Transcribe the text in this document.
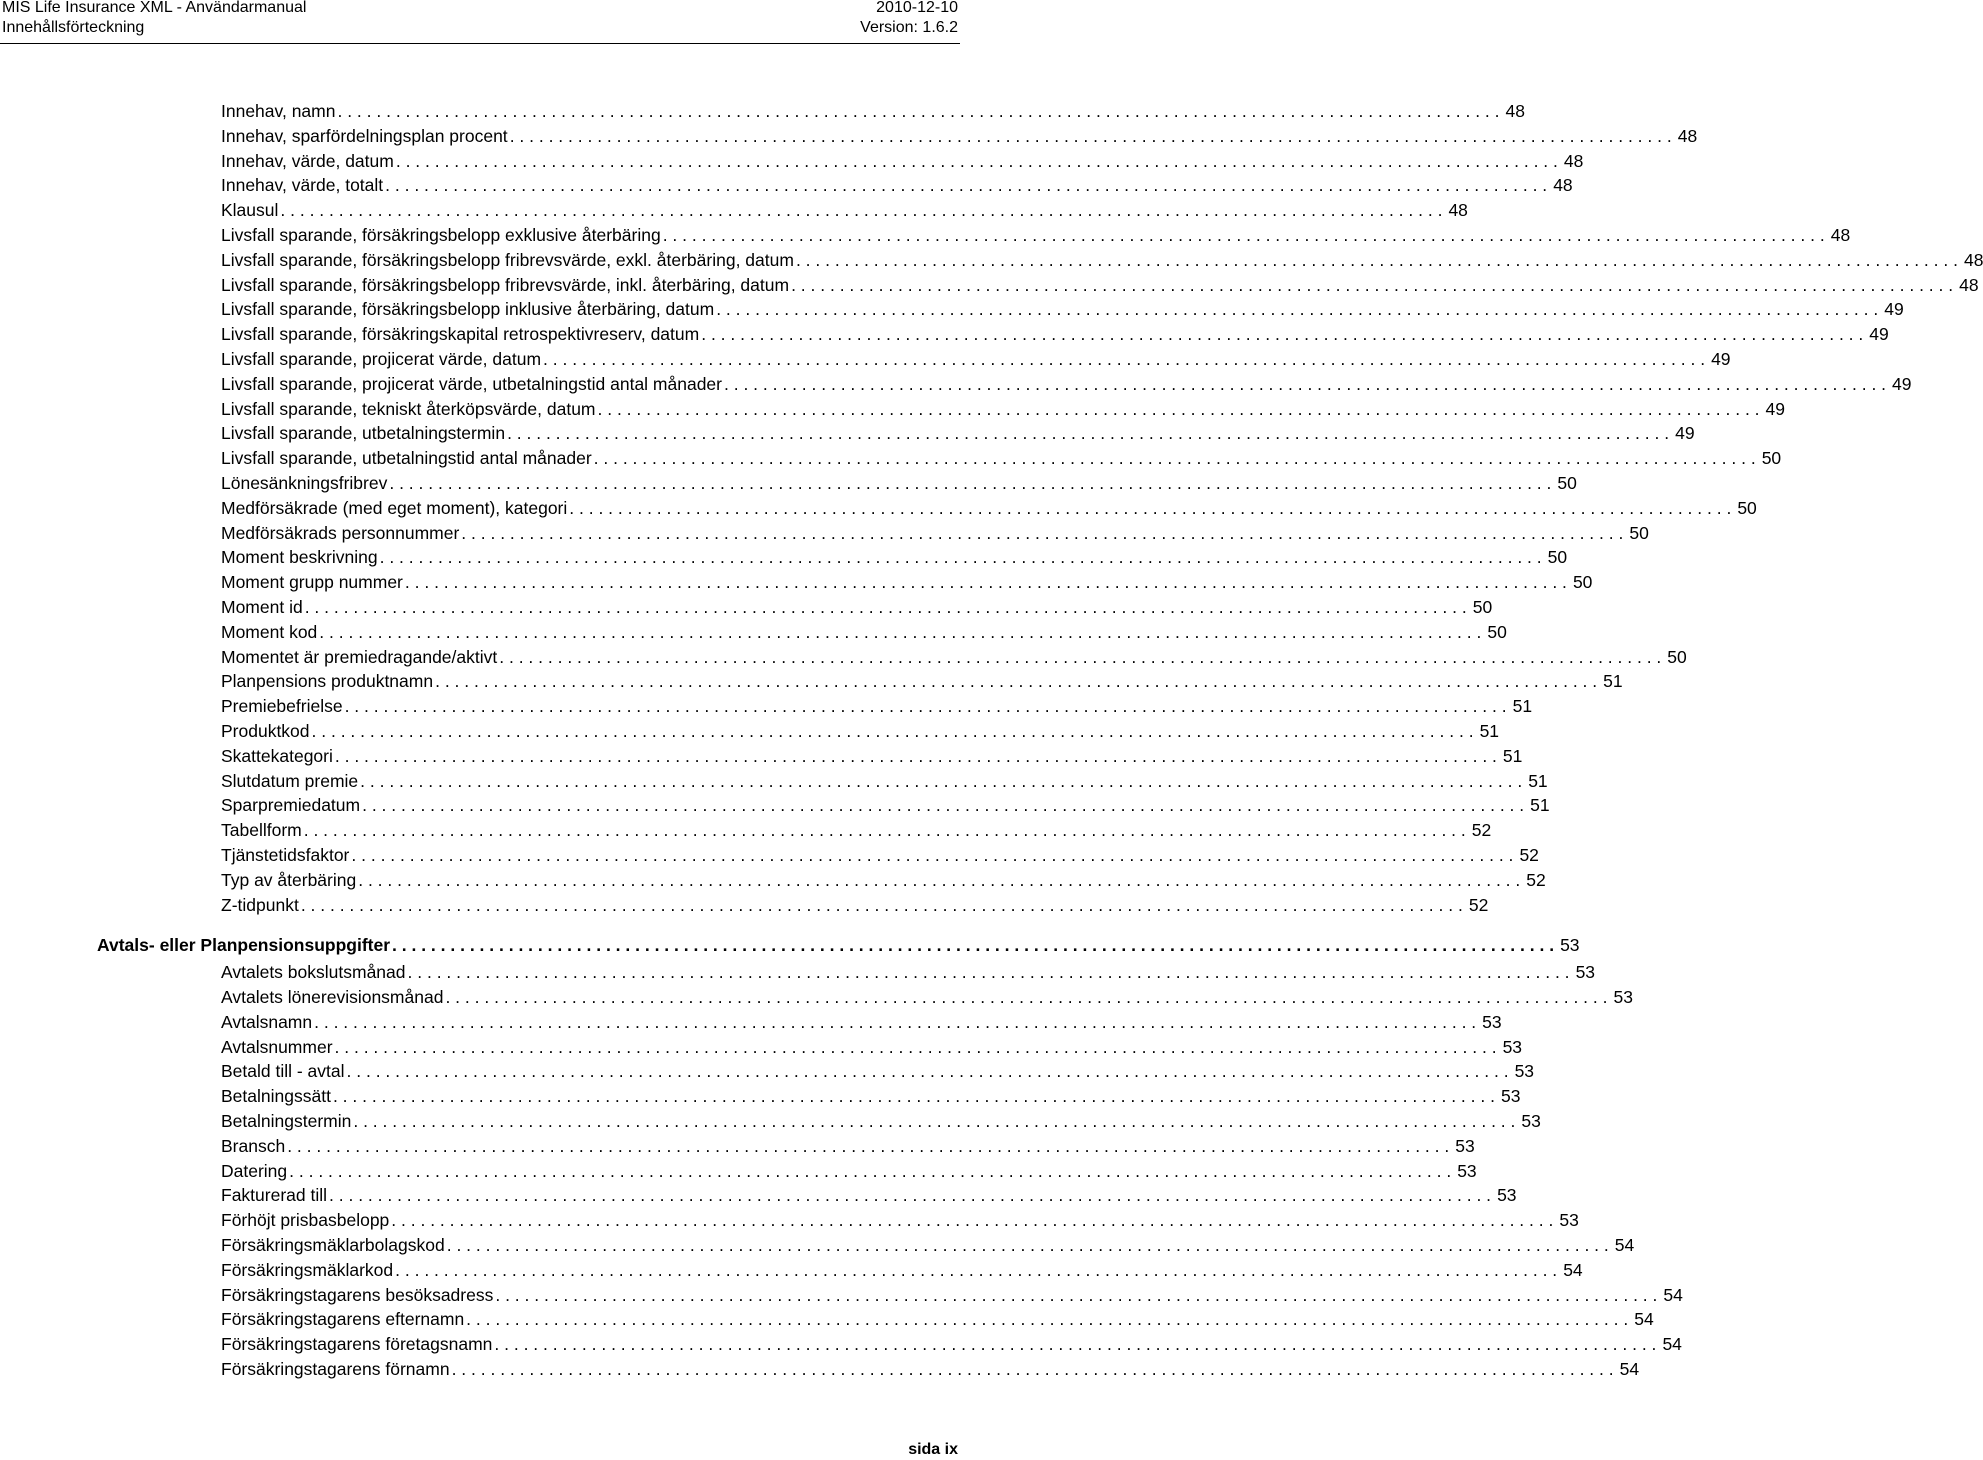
MIS Life Insurance XML - Användarmanual
Innehållsförteckning
2010-12-10
Version: 1.6.2
Innehav, namn . . . . . . . . . . . . . . . . . . . . . . . . . . . . . . . . . . . . . . . . . . . . . . . . . . . . . . . . . . . . . . . . . . . . . . . . . . . . . . . . . . . . . . . . . . . . . . . . . . . . . . . . . . . . . . . . . . . . . . . . 48
Innehav, sparfördelningsplan procent . . . . . . . . . . . . . . . . . . . . . . . . . . . . . . . . . . . . . . . . . . . . . . . . . . . . . . . . . . . . . . . . . . . . . . . . . . . . . . . . . . . . . . . . . . . . . . . . . . . . . . . . . . . . . . . . . . . . . . . . 48
Innehav, värde, datum . . . . . . . . . . . . . . . . . . . . . . . . . . . . . . . . . . . . . . . . . . . . . . . . . . . . . . . . . . . . . . . . . . . . . . . . . . . . . . . . . . . . . . . . . . . . . . . . . . . . . . . . . . . . . . . . . . . . . . . . 48
Innehav, värde, totalt . . . . . . . . . . . . . . . . . . . . . . . . . . . . . . . . . . . . . . . . . . . . . . . . . . . . . . . . . . . . . . . . . . . . . . . . . . . . . . . . . . . . . . . . . . . . . . . . . . . . . . . . . . . . . . . . . . . . . . . . 48
Klausul . . . . . . . . . . . . . . . . . . . . . . . . . . . . . . . . . . . . . . . . . . . . . . . . . . . . . . . . . . . . . . . . . . . . . . . . . . . . . . . . . . . . . . . . . . . . . . . . . . . . . . . . . . . . . . . . . . . . . . . . 48
Livsfall sparande, försäkringsbelopp exklusive återbäring . . . . . . . . . . . . . . . . . . . . . . . . . . . . . . . . . . . . . . . . . . . . . . . . . . . . . . . . . . . . . . . . . . . . . . . . . . . . . . . . . . . . . . . . . . . . . . . . . . . . . . . . . . . . . . . . . . . . . . . . 48
Livsfall sparande, försäkringsbelopp fribrevsvärde, exkl. återbäring, datum . . . . . . . . . . . . . . . . . . . . . . . . . . . . . . . . . . . . . . . . . . . . . . . . . . . . . . . . . . . . . . . . . . . . . . . . . . . . . . . . . . . . . . . . . . . . . . . . . . . . . . . . . . . . . . . . . . . . . . . . 48
Livsfall sparande, försäkringsbelopp fribrevsvärde, inkl. återbäring, datum . . . . . . . . . . . . . . . . . . . . . . . . . . . . . . . . . . . . . . . . . . . . . . . . . . . . . . . . . . . . . . . . . . . . . . . . . . . . . . . . . . . . . . . . . . . . . . . . . . . . . . . . . . . . . . . . . . . . . . . . 48
Livsfall sparande, försäkringsbelopp inklusive återbäring, datum . . . . . . . . . . . . . . . . . . . . . . . . . . . . . . . . . . . . . . . . . . . . . . . . . . . . . . . . . . . . . . . . . . . . . . . . . . . . . . . . . . . . . . . . . . . . . . . . . . . . . . . . . . . . . . . . . . . . . . . . 49
Livsfall sparande, försäkringskapital retrospektivreserv, datum . . . . . . . . . . . . . . . . . . . . . . . . . . . . . . . . . . . . . . . . . . . . . . . . . . . . . . . . . . . . . . . . . . . . . . . . . . . . . . . . . . . . . . . . . . . . . . . . . . . . . . . . . . . . . . . . . . . . . . . . 49
Livsfall sparande, projicerat värde, datum . . . . . . . . . . . . . . . . . . . . . . . . . . . . . . . . . . . . . . . . . . . . . . . . . . . . . . . . . . . . . . . . . . . . . . . . . . . . . . . . . . . . . . . . . . . . . . . . . . . . . . . . . . . . . . . . . . . . . . . . 49
Livsfall sparande, projicerat värde, utbetalningstid antal månader . . . . . . . . . . . . . . . . . . . . . . . . . . . . . . . . . . . . . . . . . . . . . . . . . . . . . . . . . . . . . . . . . . . . . . . . . . . . . . . . . . . . . . . . . . . . . . . . . . . . . . . . . . . . . . . . . . . . . . . . 49
Livsfall sparande, tekniskt återköpsvärde, datum . . . . . . . . . . . . . . . . . . . . . . . . . . . . . . . . . . . . . . . . . . . . . . . . . . . . . . . . . . . . . . . . . . . . . . . . . . . . . . . . . . . . . . . . . . . . . . . . . . . . . . . . . . . . . . . . . . . . . . . . 49
Livsfall sparande, utbetalningstermin . . . . . . . . . . . . . . . . . . . . . . . . . . . . . . . . . . . . . . . . . . . . . . . . . . . . . . . . . . . . . . . . . . . . . . . . . . . . . . . . . . . . . . . . . . . . . . . . . . . . . . . . . . . . . . . . . . . . . . . . 49
Livsfall sparande, utbetalningstid antal månader . . . . . . . . . . . . . . . . . . . . . . . . . . . . . . . . . . . . . . . . . . . . . . . . . . . . . . . . . . . . . . . . . . . . . . . . . . . . . . . . . . . . . . . . . . . . . . . . . . . . . . . . . . . . . . . . . . . . . . . . 50
Lönesänkningsfribrev . . . . . . . . . . . . . . . . . . . . . . . . . . . . . . . . . . . . . . . . . . . . . . . . . . . . . . . . . . . . . . . . . . . . . . . . . . . . . . . . . . . . . . . . . . . . . . . . . . . . . . . . . . . . . . . . . . . . . . . . 50
Medförsäkrade (med eget moment), kategori . . . . . . . . . . . . . . . . . . . . . . . . . . . . . . . . . . . . . . . . . . . . . . . . . . . . . . . . . . . . . . . . . . . . . . . . . . . . . . . . . . . . . . . . . . . . . . . . . . . . . . . . . . . . . . . . . . . . . . . . 50
Medförsäkrads personnummer . . . . . . . . . . . . . . . . . . . . . . . . . . . . . . . . . . . . . . . . . . . . . . . . . . . . . . . . . . . . . . . . . . . . . . . . . . . . . . . . . . . . . . . . . . . . . . . . . . . . . . . . . . . . . . . . . . . . . . . . 50
Moment beskrivning . . . . . . . . . . . . . . . . . . . . . . . . . . . . . . . . . . . . . . . . . . . . . . . . . . . . . . . . . . . . . . . . . . . . . . . . . . . . . . . . . . . . . . . . . . . . . . . . . . . . . . . . . . . . . . . . . . . . . . . . 50
Moment grupp nummer . . . . . . . . . . . . . . . . . . . . . . . . . . . . . . . . . . . . . . . . . . . . . . . . . . . . . . . . . . . . . . . . . . . . . . . . . . . . . . . . . . . . . . . . . . . . . . . . . . . . . . . . . . . . . . . . . . . . . . . . 50
Moment id . . . . . . . . . . . . . . . . . . . . . . . . . . . . . . . . . . . . . . . . . . . . . . . . . . . . . . . . . . . . . . . . . . . . . . . . . . . . . . . . . . . . . . . . . . . . . . . . . . . . . . . . . . . . . . . . . . . . . . . . 50
Moment kod . . . . . . . . . . . . . . . . . . . . . . . . . . . . . . . . . . . . . . . . . . . . . . . . . . . . . . . . . . . . . . . . . . . . . . . . . . . . . . . . . . . . . . . . . . . . . . . . . . . . . . . . . . . . . . . . . . . . . . . . 50
Momentet är premiedragande/aktivt . . . . . . . . . . . . . . . . . . . . . . . . . . . . . . . . . . . . . . . . . . . . . . . . . . . . . . . . . . . . . . . . . . . . . . . . . . . . . . . . . . . . . . . . . . . . . . . . . . . . . . . . . . . . . . . . . . . . . . . . 50
Planpensions produktnamn . . . . . . . . . . . . . . . . . . . . . . . . . . . . . . . . . . . . . . . . . . . . . . . . . . . . . . . . . . . . . . . . . . . . . . . . . . . . . . . . . . . . . . . . . . . . . . . . . . . . . . . . . . . . . . . . . . . . . . . . 51
Premiebefrielse . . . . . . . . . . . . . . . . . . . . . . . . . . . . . . . . . . . . . . . . . . . . . . . . . . . . . . . . . . . . . . . . . . . . . . . . . . . . . . . . . . . . . . . . . . . . . . . . . . . . . . . . . . . . . . . . . . . . . . . . 51
Produktkod . . . . . . . . . . . . . . . . . . . . . . . . . . . . . . . . . . . . . . . . . . . . . . . . . . . . . . . . . . . . . . . . . . . . . . . . . . . . . . . . . . . . . . . . . . . . . . . . . . . . . . . . . . . . . . . . . . . . . . . . 51
Skattekategori . . . . . . . . . . . . . . . . . . . . . . . . . . . . . . . . . . . . . . . . . . . . . . . . . . . . . . . . . . . . . . . . . . . . . . . . . . . . . . . . . . . . . . . . . . . . . . . . . . . . . . . . . . . . . . . . . . . . . . . . 51
Slutdatum premie . . . . . . . . . . . . . . . . . . . . . . . . . . . . . . . . . . . . . . . . . . . . . . . . . . . . . . . . . . . . . . . . . . . . . . . . . . . . . . . . . . . . . . . . . . . . . . . . . . . . . . . . . . . . . . . . . . . . . . . . 51
Sparpremiedatum . . . . . . . . . . . . . . . . . . . . . . . . . . . . . . . . . . . . . . . . . . . . . . . . . . . . . . . . . . . . . . . . . . . . . . . . . . . . . . . . . . . . . . . . . . . . . . . . . . . . . . . . . . . . . . . . . . . . . . . . 51
Tabellform . . . . . . . . . . . . . . . . . . . . . . . . . . . . . . . . . . . . . . . . . . . . . . . . . . . . . . . . . . . . . . . . . . . . . . . . . . . . . . . . . . . . . . . . . . . . . . . . . . . . . . . . . . . . . . . . . . . . . . . . 52
Tjänstetidsfaktor . . . . . . . . . . . . . . . . . . . . . . . . . . . . . . . . . . . . . . . . . . . . . . . . . . . . . . . . . . . . . . . . . . . . . . . . . . . . . . . . . . . . . . . . . . . . . . . . . . . . . . . . . . . . . . . . . . . . . . . . 52
Typ av återbäring . . . . . . . . . . . . . . . . . . . . . . . . . . . . . . . . . . . . . . . . . . . . . . . . . . . . . . . . . . . . . . . . . . . . . . . . . . . . . . . . . . . . . . . . . . . . . . . . . . . . . . . . . . . . . . . . . . . . . . . . 52
Z-tidpunkt . . . . . . . . . . . . . . . . . . . . . . . . . . . . . . . . . . . . . . . . . . . . . . . . . . . . . . . . . . . . . . . . . . . . . . . . . . . . . . . . . . . . . . . . . . . . . . . . . . . . . . . . . . . . . . . . . . . . . . . . 52
Avtals- eller Planpensionsuppgifter . . . . . . . . . . . . . . . . . . . . . . . . . . . . . . . . . . . . . . . . . . . . . . . . . . . . . . . . . . . . . . . . . . . . . . . . . . . . . . . . . . . . . . . . . . . . . . . . . . . . . . . . . . . . . . . . . . . . . . . . 53
Avtalets bokslutsmånad . . . . . . . . . . . . . . . . . . . . . . . . . . . . . . . . . . . . . . . . . . . . . . . . . . . . . . . . . . . . . . . . . . . . . . . . . . . . . . . . . . . . . . . . . . . . . . . . . . . . . . . . . . . . . . . . . . . . . . . . 53
Avtalets lönerevisionsmånad . . . . . . . . . . . . . . . . . . . . . . . . . . . . . . . . . . . . . . . . . . . . . . . . . . . . . . . . . . . . . . . . . . . . . . . . . . . . . . . . . . . . . . . . . . . . . . . . . . . . . . . . . . . . . . . . . . . . . . . . 53
Avtalsnamn . . . . . . . . . . . . . . . . . . . . . . . . . . . . . . . . . . . . . . . . . . . . . . . . . . . . . . . . . . . . . . . . . . . . . . . . . . . . . . . . . . . . . . . . . . . . . . . . . . . . . . . . . . . . . . . . . . . . . . . . 53
Avtalsnummer . . . . . . . . . . . . . . . . . . . . . . . . . . . . . . . . . . . . . . . . . . . . . . . . . . . . . . . . . . . . . . . . . . . . . . . . . . . . . . . . . . . . . . . . . . . . . . . . . . . . . . . . . . . . . . . . . . . . . . . . 53
Betald till - avtal . . . . . . . . . . . . . . . . . . . . . . . . . . . . . . . . . . . . . . . . . . . . . . . . . . . . . . . . . . . . . . . . . . . . . . . . . . . . . . . . . . . . . . . . . . . . . . . . . . . . . . . . . . . . . . . . . . . . . . . . 53
Betalningssätt . . . . . . . . . . . . . . . . . . . . . . . . . . . . . . . . . . . . . . . . . . . . . . . . . . . . . . . . . . . . . . . . . . . . . . . . . . . . . . . . . . . . . . . . . . . . . . . . . . . . . . . . . . . . . . . . . . . . . . . . 53
Betalningstermin . . . . . . . . . . . . . . . . . . . . . . . . . . . . . . . . . . . . . . . . . . . . . . . . . . . . . . . . . . . . . . . . . . . . . . . . . . . . . . . . . . . . . . . . . . . . . . . . . . . . . . . . . . . . . . . . . . . . . . . . 53
Bransch . . . . . . . . . . . . . . . . . . . . . . . . . . . . . . . . . . . . . . . . . . . . . . . . . . . . . . . . . . . . . . . . . . . . . . . . . . . . . . . . . . . . . . . . . . . . . . . . . . . . . . . . . . . . . . . . . . . . . . . . 53
Datering . . . . . . . . . . . . . . . . . . . . . . . . . . . . . . . . . . . . . . . . . . . . . . . . . . . . . . . . . . . . . . . . . . . . . . . . . . . . . . . . . . . . . . . . . . . . . . . . . . . . . . . . . . . . . . . . . . . . . . . . 53
Fakturerad till . . . . . . . . . . . . . . . . . . . . . . . . . . . . . . . . . . . . . . . . . . . . . . . . . . . . . . . . . . . . . . . . . . . . . . . . . . . . . . . . . . . . . . . . . . . . . . . . . . . . . . . . . . . . . . . . . . . . . . . . 53
Förhöjt prisbasbelopp . . . . . . . . . . . . . . . . . . . . . . . . . . . . . . . . . . . . . . . . . . . . . . . . . . . . . . . . . . . . . . . . . . . . . . . . . . . . . . . . . . . . . . . . . . . . . . . . . . . . . . . . . . . . . . . . . . . . . . . . 53
Försäkringsmäklarbolagskod . . . . . . . . . . . . . . . . . . . . . . . . . . . . . . . . . . . . . . . . . . . . . . . . . . . . . . . . . . . . . . . . . . . . . . . . . . . . . . . . . . . . . . . . . . . . . . . . . . . . . . . . . . . . . . . . . . . . . . . . 54
Försäkringsmäklarkod . . . . . . . . . . . . . . . . . . . . . . . . . . . . . . . . . . . . . . . . . . . . . . . . . . . . . . . . . . . . . . . . . . . . . . . . . . . . . . . . . . . . . . . . . . . . . . . . . . . . . . . . . . . . . . . . . . . . . . . . 54
Försäkringstagarens besöksadress . . . . . . . . . . . . . . . . . . . . . . . . . . . . . . . . . . . . . . . . . . . . . . . . . . . . . . . . . . . . . . . . . . . . . . . . . . . . . . . . . . . . . . . . . . . . . . . . . . . . . . . . . . . . . . . . . . . . . . . . 54
Försäkringstagarens efternamn . . . . . . . . . . . . . . . . . . . . . . . . . . . . . . . . . . . . . . . . . . . . . . . . . . . . . . . . . . . . . . . . . . . . . . . . . . . . . . . . . . . . . . . . . . . . . . . . . . . . . . . . . . . . . . . . . . . . . . . . 54
Försäkringstagarens företagsnamn . . . . . . . . . . . . . . . . . . . . . . . . . . . . . . . . . . . . . . . . . . . . . . . . . . . . . . . . . . . . . . . . . . . . . . . . . . . . . . . . . . . . . . . . . . . . . . . . . . . . . . . . . . . . . . . . . . . . . . . . 54
Försäkringstagarens förnamn . . . . . . . . . . . . . . . . . . . . . . . . . . . . . . . . . . . . . . . . . . . . . . . . . . . . . . . . . . . . . . . . . . . . . . . . . . . . . . . . . . . . . . . . . . . . . . . . . . . . . . . . . . . . . . . . . . . . . . . . 54
sida ix
